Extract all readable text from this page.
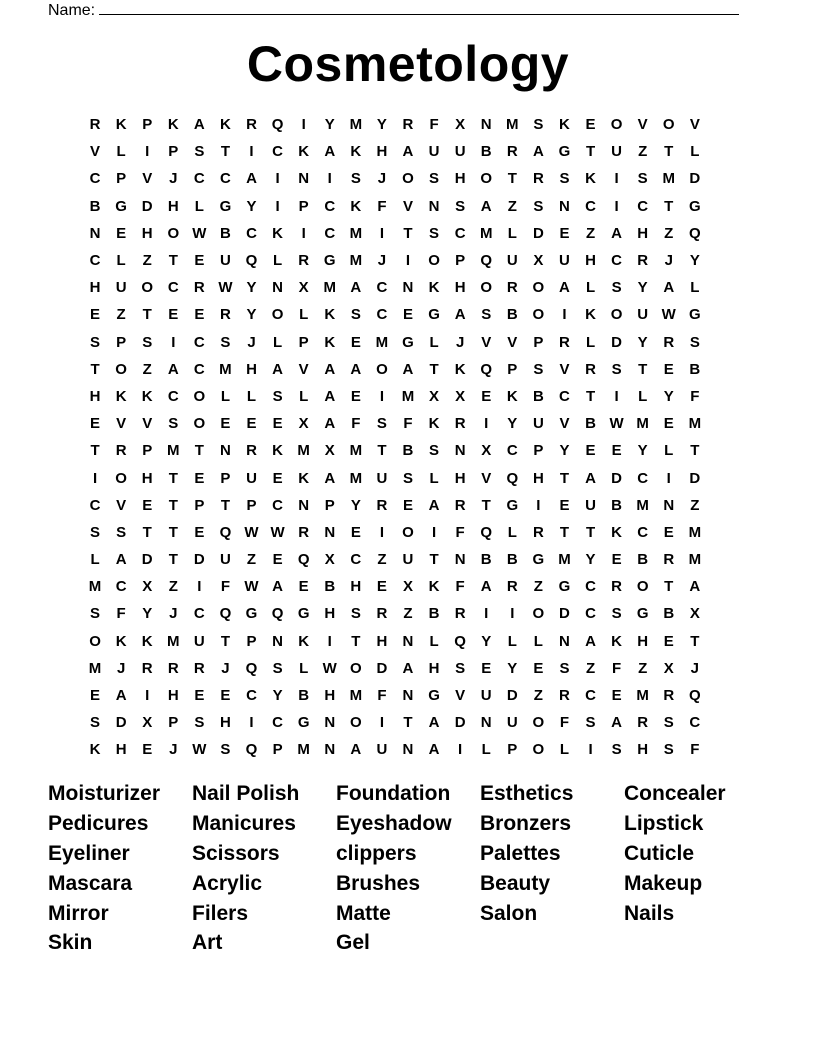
Name:
Cosmetology
R	K	P	K	A	K	R Q	I	Y M Y	R	F	X	N M S	K	E	O	V	O	V
V	L	I	P	S	T	I	C	K	A	K	H	A	U	U	B	R	A G	T	U	Z	T	L
C	P	V	J	C	C	A	I	N	I	S	J	O	S	H O	T	R	S	K	I	S M D
B G D	H	L	G	Y	I	P	C	K	F	V	N	S	A	Z	S	N	C	I	C	T	G
N	E	H O W B	C	K	I	C M	I	T	S	C M	L	D	E	Z	A	H	Z	Q
C	L	Z	T	E	U Q	L	R G M	J	I	O	P	Q U	X	U	H	C	R	J	Y
H	U O C	R W Y	N	X M A	C	N	K	H O R O A	L	S	Y	A	L
E	Z	T	E	E	R	Y	O	L	K	S	C	E	G A	S	B O	I	K O U W G
S	P	S	I	C	S	J	L	P	K	E M G	L	J	V	V	P	R	L	D	Y	R	S
T	O	Z	A	C M H	A	V	A	A O A	T	K Q	P	S	V	R	S	T	E	B
H	K	K	C O	L	L	S	L	A	E	I	M X	X	E	K	B	C	T	I	L	Y	F
E	V	V	S	O	E	E	E	X	A	F	S	F	K	R	I	Y	U	V	B W M E M
T	R	P M	T	N	R	K M X M	T	B	S	N	X	C	P	Y	E	E	Y	L	T
I	O H	T	E	P	U	E	K	A M U	S	L	H	V	Q H	T	A	D	C	I	D
C	V	E	T	P	T	P	C	N	P	Y	R	E	A	R	T	G	I	E	U	B M N	Z
S	S	T	T	E	Q W W R	N	E	I	O	I	F	Q	L	R	T	T	K	C	E M
L	A	D	T	D	U	Z	E	Q	X	C	Z	U	T	N	B	B G M Y	E	B	R M
M C	X	Z	I	F W A	E	B	H	E	X	K	F	A	R	Z	G C	R O	T	A
S	F	Y	J	C Q G Q G H	S	R	Z	B	R	I	I	O D	C	S	G B	X
O K	K M U	T	P	N	K	I	T	H	N	L	Q	Y	L	L	N	A	K	H	E	T
M	J	R	R	R	J	Q	S	L W O D	A	H	S	E	Y	E	S	Z	F	Z	X	J
E	A	I	H	E	E	C	Y	B	H M	F	N G	V	U	D	Z	R	C	E M R Q
S	D	X	P	S	H	I	C G N O	I	T	A	D	N	U O	F	S	A	R	S	C
K	H	E	J W S	Q	P M N	A	U	N	A	I	L	P	O	L	I	S	H	S	F
Moisturizer	Nail Polish	Foundation	Esthetics	Concealer
Pedicures	Manicures	Eyeshadow	Bronzers	Lipstick
Eyeliner	Scissors	clippers	Palettes	Cuticle
Mascara	Acrylic	Brushes	Beauty	Makeup
Mirror	Filers	Matte	Salon	Nails
Skin	Art	Gel
